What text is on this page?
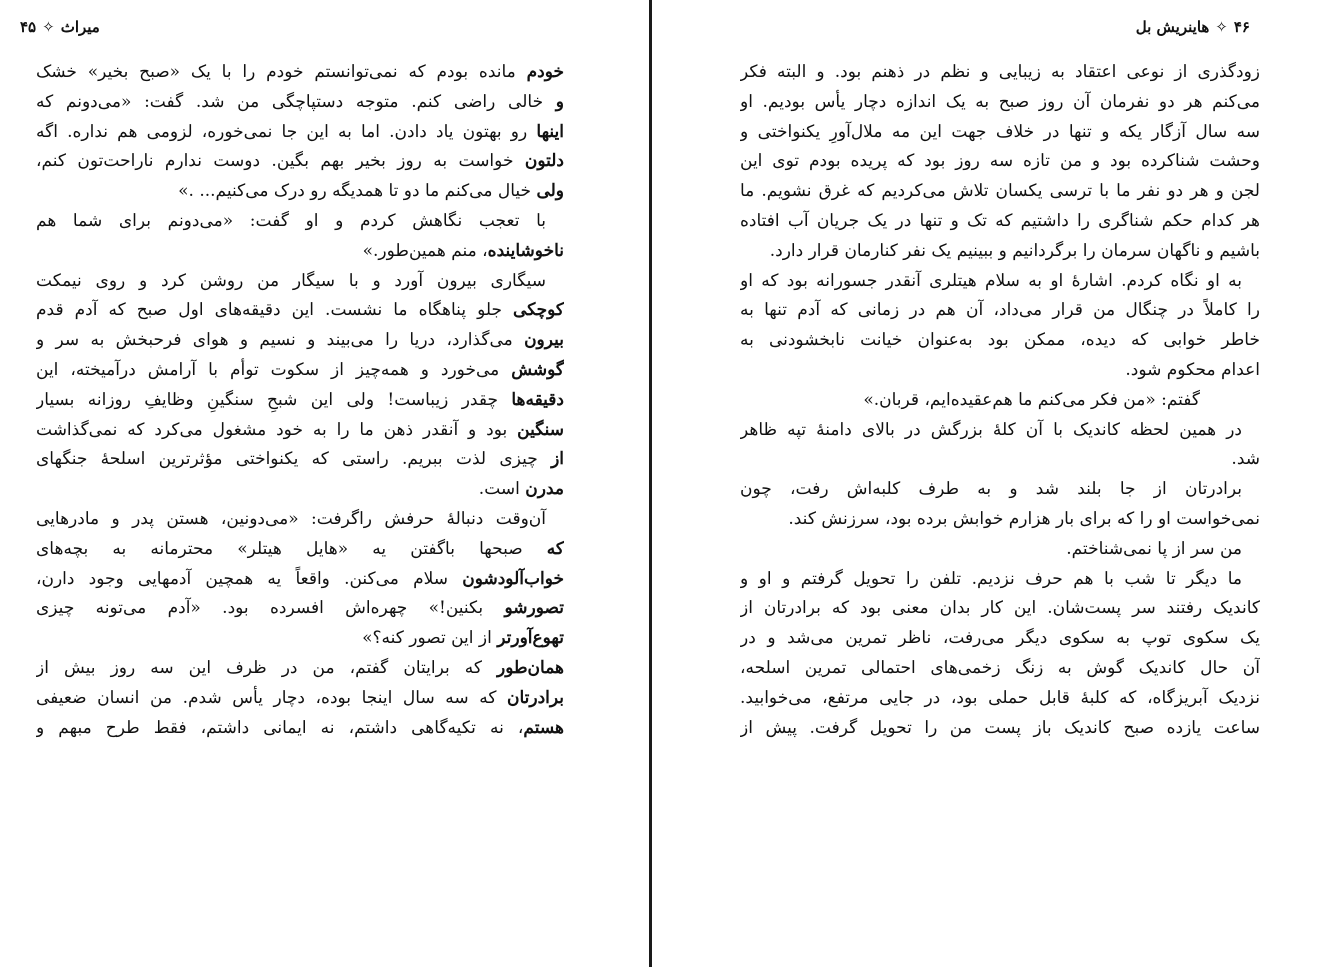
میراث✧۴۵
خودم مانده بودم که نمی‌توانستم خودم را با یک «صبح بخیر» خشک
و خالی راضی کنم. متوجه دستپاچگی من شد. گفت: «می‌دونم که
اینها رو بهتون یاد دادن. اما به این جا نمی‌خوره، لزومی هم نداره. اگه
دلتون خواست به روز بخیر بهم بگین. دوست ندارم ناراحت‌تون کنم،
ولی خیال می‌کنم ما دو تا همدیگه رو درک می‌کنیم... .»
با تعجب نگاهش کردم و او گفت: «می‌دونم برای شما هم
ناخوشاینده، منم همین‌طور.»
سیگاری بیرون آورد و با سیگار من روشن کرد و روی نیمکت
کوچکی جلو پناهگاه ما نشست. این دقیقه‌های اول صبح که آدم قدم
بیرون می‌گذارد، دریا را می‌بیند و نسیم و هوای فرحبخش به سر و
گوشش می‌خورد و همه‌چیز از سکوت توأم با آرامش درآمیخته، این
دقیقه‌ها چقدر زیباست! ولی این شبحِ سنگینِ وظایفِ روزانه بسیار
سنگین بود و آنقدر ذهن ما را به خود مشغول می‌کرد که نمی‌گذاشت
از چیزی لذت ببریم. راستی که یکنواختی مؤثرترین اسلحهٔ جنگهای
مدرن است.
آن‌وقت دنبالهٔ حرفش راگرفت: «می‌دونین، هستن پدر و مادرهایی
که صبحها باگفتن یه «هایل هیتلر» محترمانه به بچه‌های
خواب‌آلودشون سلام می‌کنن. واقعاً یه همچین آدمهایی وجود دارن،
تصورشو بکنین!» چهره‌اش افسرده بود. «آدم می‌تونه چیزی
تهوع‌آورتر از این تصور کنه؟»
همان‌طور که برایتان گفتم، من در ظرف این سه روز بیش از
برادرتان که سه سال اینجا بوده، دچار یأس شدم. من انسان ضعیفی
هستم، نه تکیه‌گاهی داشتم، نه ایمانی داشتم، فقط طرح مبهم و
۴۶✧هاینریش بل
زودگذری از نوعی اعتقاد به زیبایی و نظم در ذهنم بود. و البته فکر
می‌کنم هر دو نفرمان آن روز صبح به یک اندازه دچار یأس بودیم. او
سه سال آزگار یکه و تنها در خلاف جهت این مه ملال‌آورِ یکنواختی و
وحشت شناکرده بود و من تازه سه روز بود که پریده بودم توی این
لجن و هر دو نفر ما با ترسی یکسان تلاش می‌کردیم که غرق نشویم. ما
هر کدام حکم شناگری را داشتیم که تک و تنها در یک جریان آب افتاده
باشیم و ناگهان سرمان را برگردانیم و ببینیم یک نفر کنارمان قرار دارد.
به او نگاه کردم. اشارهٔ او به سلام هیتلری آنقدر جسورانه بود که او
را کاملاً در چنگال من قرار می‌داد، آن هم در زمانی که آدم تنها به
خاطر خوابی که دیده، ممکن بود به‌عنوان خیانت نابخشودنی به
اعدام محکوم شود.
گفتم: «من فکر می‌کنم ما هم‌عقیده‌ایم، قربان.»
در همین لحظه کاندیک با آن کلهٔ بزرگش در بالای دامنهٔ تپه ظاهر
شد.
برادرتان از جا بلند شد و به طرف کلبه‌اش رفت، چون
نمی‌خواست او را که برای بار هزارم خوابش برده بود، سرزنش کند.
من سر از پا نمی‌شناختم.
ما دیگر تا شب با هم حرف نزدیم. تلفن را تحویل گرفتم و او و
کاندیک رفتند سر پست‌شان. این کار بدان معنی بود که برادرتان از
یک سکوی توپ به سکوی دیگر می‌رفت، ناظر تمرین می‌شد و در
آن حال کاندیک گوش به زنگ زخمی‌های احتمالی تمرین اسلحه،
نزدیک آبریزگاه، که کلبهٔ قابل حملی بود، در جایی مرتفع، می‌خوابید.
ساعت یازده صبح کاندیک باز پست من را تحویل گرفت. پیش از
